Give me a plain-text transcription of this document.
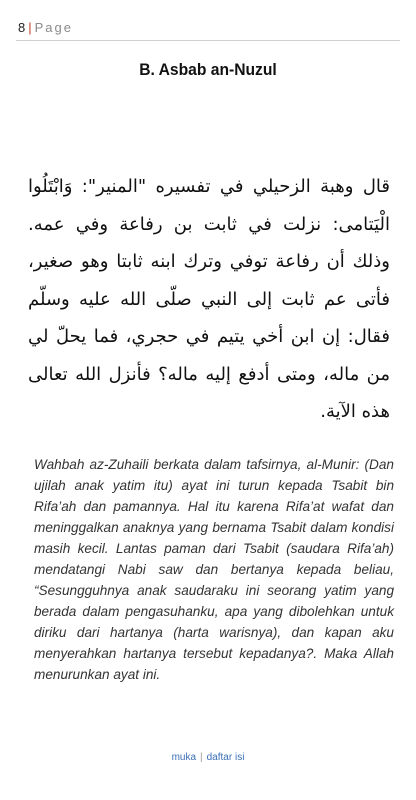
8 | Page
B. Asbab an-Nuzul
قال وهبة الزحيلي في تفسيره "المنير": وَابْتَلُوا الْيَتامى: نزلت في ثابت بن رفاعة وفي عمه. وذلك أن رفاعة توفي وترك ابنه ثابتا وهو صغير، فأتى عم ثابت إلى النبي صلّى الله عليه وسلّم فقال: إن ابن أخي يتيم في حجري، فما يحلّ لي من ماله، ومتى أدفع إليه ماله؟ فأنزل الله تعالى هذه الآية.
Wahbah az-Zuhaili berkata dalam tafsirnya, al-Munir: (Dan ujilah anak yatim itu) ayat ini turun kepada Tsabit bin Rifa’ah dan pamannya. Hal itu karena Rifa’at wafat dan meninggalkan anaknya yang bernama Tsabit dalam kondisi masih kecil. Lantas paman dari Tsabit (saudara Rifa’ah) mendatangi Nabi saw dan bertanya kepada beliau, “Sesungguhnya anak saudaraku ini seorang yatim yang berada dalam pengasuhanku, apa yang dibolehkan untuk diriku dari hartanya (harta warisnya), dan kapan aku menyerahkan hartanya tersebut kepadanya?. Maka Allah menurunkan ayat ini.
muka | daftar isi
